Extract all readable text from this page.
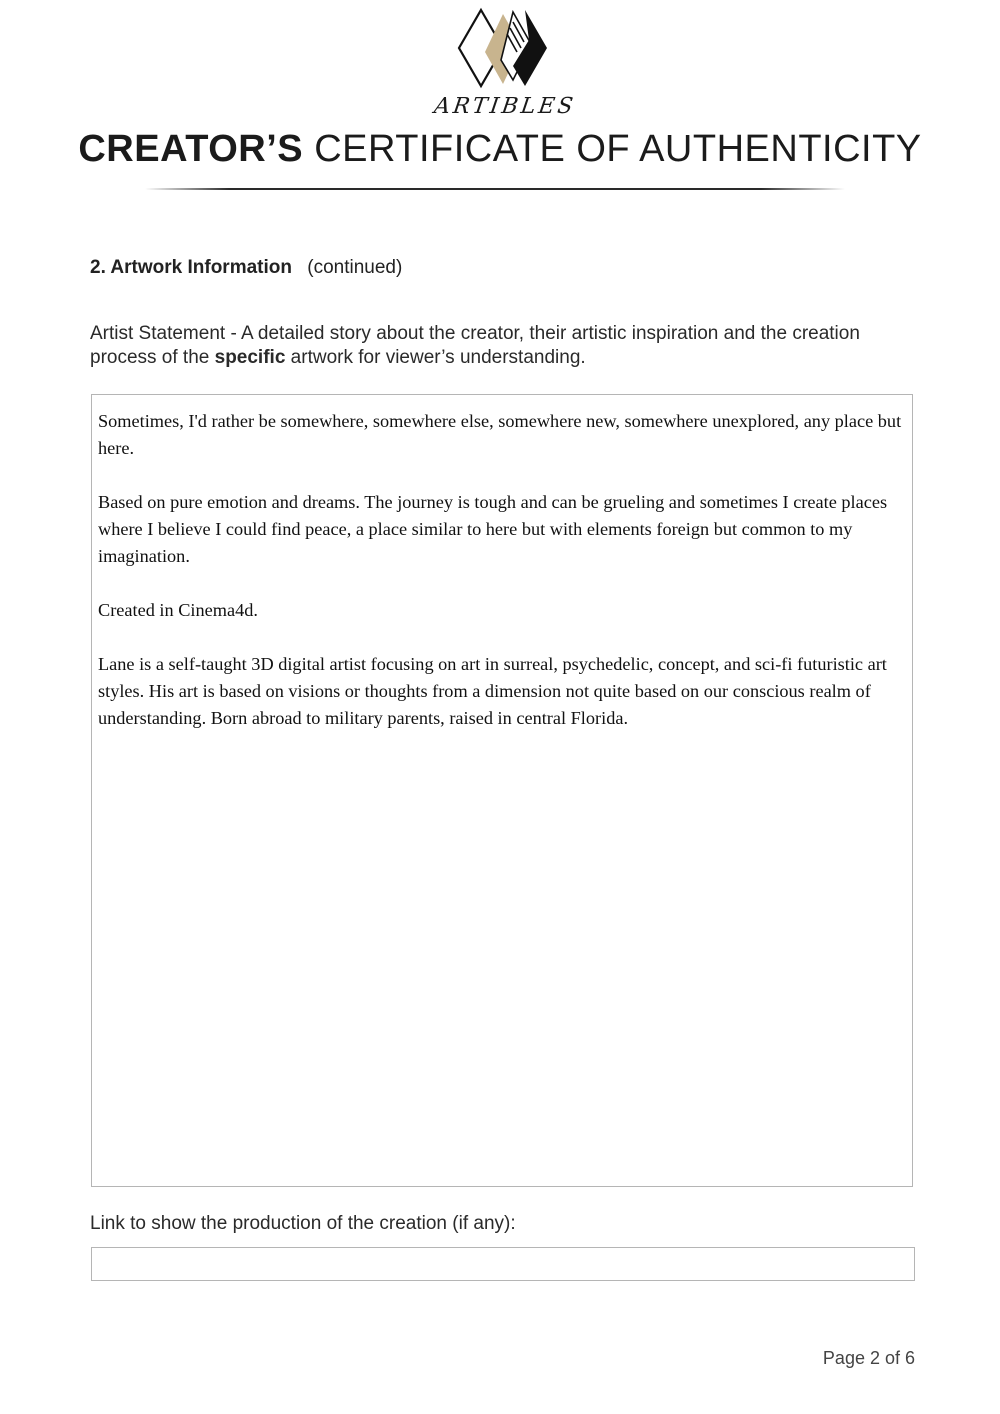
ARTIBLES
CREATOR’S CERTIFICATE OF AUTHENTICITY
2. Artwork Information (continued)
Artist Statement - A detailed story about the creator, their artistic inspiration and the creation process of the specific artwork for viewer’s understanding.

Sometimes, I'd rather be somewhere, somewhere else, somewhere new, somewhere unexplored, any place but here.

Based on pure emotion and dreams. The journey is tough and can be grueling and sometimes I create places where I believe I could find peace, a place similar to here but with elements foreign but common to my imagination.

Created in Cinema4d.

Lane is a self-taught 3D digital artist focusing on art in surreal, psychedelic, concept, and sci-fi futuristic art styles. His art is based on visions or thoughts from a dimension not quite based on our conscious realm of understanding. Born abroad to military parents, raised in central Florida.

Link to show the production of the creation (if any):
Page 2 of 6
